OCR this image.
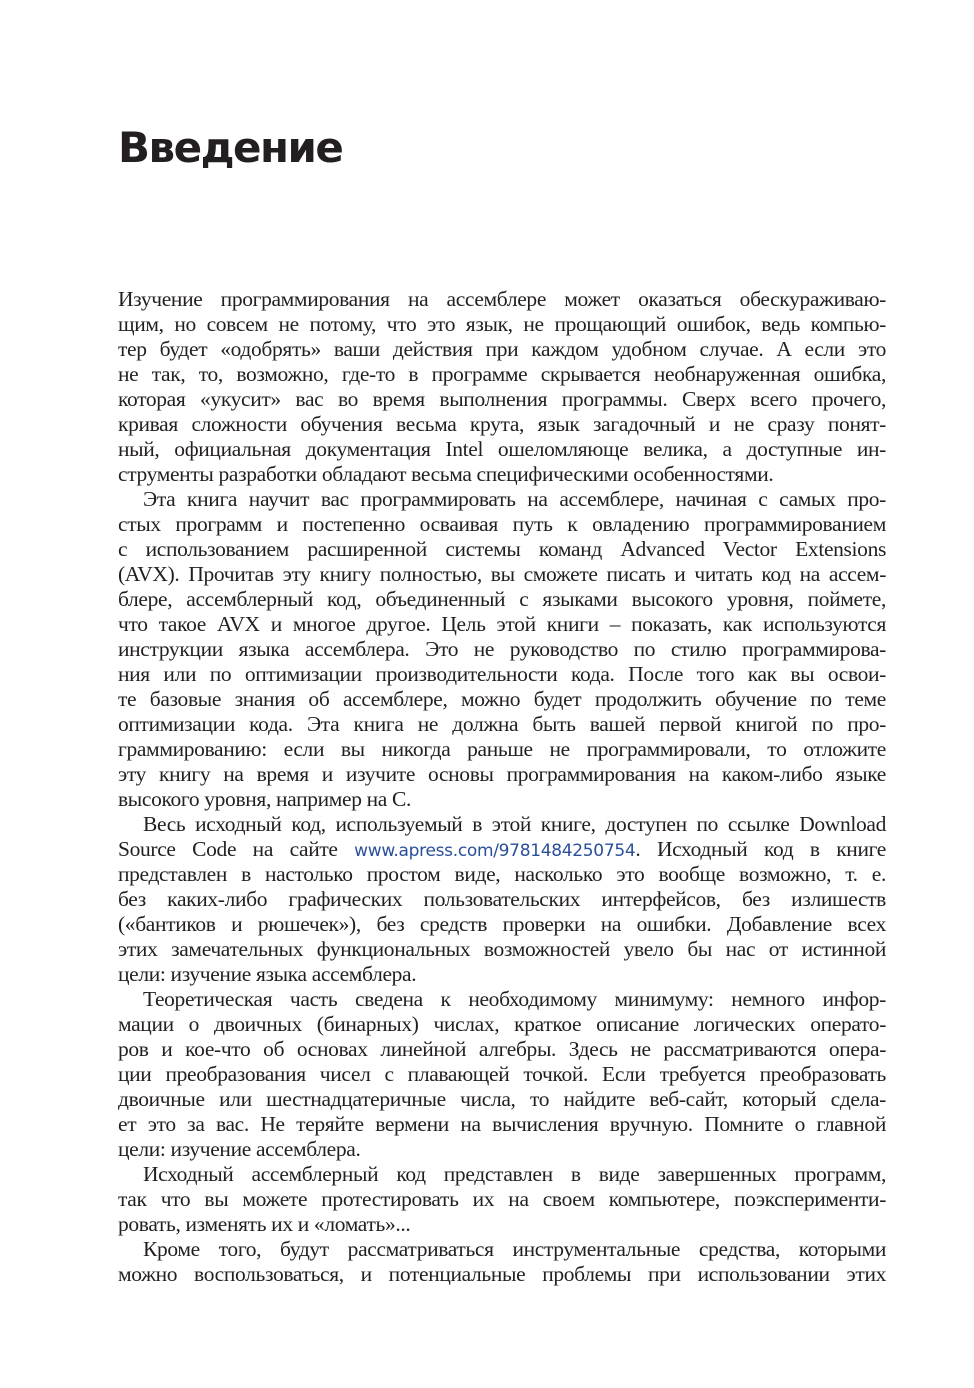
Введение
Изучение программирования на ассемблере может оказаться обескураживаю-
щим, но совсем не потому, что это язык, не прощающий ошибок, ведь компью-
тер будет «одобрять» ваши действия при каждом удобном случае. А если это
не так, то, возможно, где-то в программе скрывается необнаруженная ошибка,
которая «укусит» вас во время выполнения программы. Сверх всего прочего,
кривая сложности обучения весьма крута, язык загадочный и не сразу понят-
ный, официальная документация Intel ошеломляюще велика, а доступные ин-
струменты разработки обладают весьма специфическими особенностями.
Эта книга научит вас программировать на ассемблере, начиная с самых про-
стых программ и постепенно осваивая путь к овладению программированием
с использованием расширенной системы команд Advanced Vector Extensions
(AVX). Прочитав эту книгу полностью, вы сможете писать и читать код на ассем-
блере, ассемблерный код, объединенный с языками высокого уровня, поймете,
что такое AVX и многое другое. Цель этой книги – показать, как используются
инструкции языка ассемблера. Это не руководство по стилю программирова-
ния или по оптимизации производительности кода. После того как вы освои-
те базовые знания об ассемблере, можно будет продолжить обучение по теме
оптимизации кода. Эта книга не должна быть вашей первой книгой по про-
граммированию: если вы никогда раньше не программировали, то отложите
эту книгу на время и изучите основы программирования на каком-либо языке
высокого уровня, например на C.
Весь исходный код, используемый в этой книге, доступен по ссылке Download
Source Code на сайте www.apress.com/9781484250754. Исходный код в книге
представлен в настолько простом виде, насколько это вообще возможно, т. е.
без каких-либо графических пользовательских интерфейсов, без излишеств
(«бантиков и рюшечек»), без средств проверки на ошибки. Добавление всех
этих замечательных функциональных возможностей увело бы нас от истинной
цели: изучение языка ассемблера.
Теоретическая часть сведена к необходимому минимуму: немного инфор-
мации о двоичных (бинарных) числах, краткое описание логических операто-
ров и кое-что об основах линейной алгебры. Здесь не рассматриваются опера-
ции преобразования чисел с плавающей точкой. Если требуется преобразовать
двоичные или шестнадцатеричные числа, то найдите веб-сайт, который сдела-
ет это за вас. Не теряйте вермени на вычисления вручную. Помните о главной
цели: изучение ассемблера.
Исходный ассемблерный код представлен в виде завершенных программ,
так что вы можете протестировать их на своем компьютере, поэксперименти-
ровать, изменять их и «ломать»...
Кроме того, будут рассматриваться инструментальные средства, которыми
можно воспользоваться, и потенциальные проблемы при использовании этих
